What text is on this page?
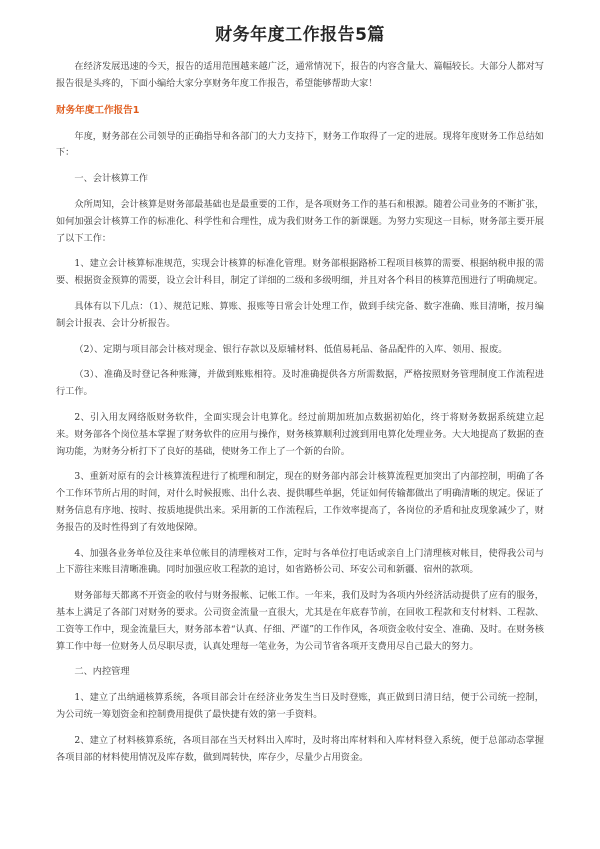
财务年度工作报告5篇

在经济发展迅速的今天，报告的适用范围越来越广泛，通常情况下，报告的内容含量大、篇幅较长。大部分人都对写报告很是头疼的，下面小编给大家分享财务年度工作报告，希望能够帮助大家！

财务年度工作报告1

年度，财务部在公司领导的正确指导和各部门的大力支持下，财务工作取得了一定的进展。现将年度财务工作总结如下：

一、会计核算工作

众所周知，会计核算是财务部最基础也是最重要的工作，是各项财务工作的基石和根源。随着公司业务的不断扩张，如何加强会计核算工作的标准化、科学性和合理性，成为我们财务工作的新课题。为努力实现这一目标，财务部主要开展了以下工作：

1、建立会计核算标准规范，实现会计核算的标准化管理。财务部根据路桥工程项目核算的需要、根据纳税申报的需要、根据资金预算的需要，设立会计科目，制定了详细的二级和多级明细，并且对各个科目的核算范围进行了明确规定。

具体有以下几点：（1）、规范记账、算账、报账等日常会计处理工作，做到手续完备、数字准确、账目清晰，按月编制会计报表、会计分析报告。

（2）、定期与项目部会计核对现金、银行存款以及原辅材料、低值易耗品、备品配件的入库、领用、报废。

（3）、准确及时登记各种账簿，并做到账账相符。及时准确提供各方所需数据，严格按照财务管理制度工作流程进行工作。

2、引入用友网络版财务软件，全面实现会计电算化。经过前期加班加点数据初始化，终于将财务数据系统建立起来。财务部各个岗位基本掌握了财务软件的应用与操作，财务核算顺利过渡到用电算化处理业务。大大地提高了数据的查询功能，为财务分析打下了良好的基础，使财务工作上了一个新的台阶。

3、重新对原有的会计核算流程进行了梳理和制定，现在的财务部内部会计核算流程更加突出了内部控制，明确了各个工作环节所占用的时间，对什么时候报账、出什么表、提供哪些单据，凭证如何传输都做出了明确清晰的规定。保证了财务信息有序地、按时、按质地提供出来。采用新的工作流程后，工作效率提高了，各岗位的矛盾和扯皮现象减少了，财务报告的及时性得到了有效地保障。

4、加强各业务单位及往来单位帐目的清理核对工作，定时与各单位打电话或亲自上门清理核对帐目，使得我公司与上下游往来账目清晰准确。同时加强应收工程款的追讨，如省路桥公司、环安公司和新疆、宿州的款项。

财务部每天都离不开资金的收付与财务报帐、记帐工作。一年来，我们及时为各项内外经济活动提供了应有的服务，基本上满足了各部门对财务的要求。公司资金流量一直很大，尤其是在年底春节前，在回收工程款和支付材料、工程款、工资等工作中，现金流量巨大，财务部本着“认真、仔细、严谨”的工作作风，各项资金收付安全、准确、及时。在财务核算工作中每一位财务人员尽职尽责，认真处理每一笔业务，为公司节省各项开支费用尽自己最大的努力。

二、内控管理

1、建立了出纳通核算系统，各项目部会计在经济业务发生当日及时登账，真正做到日清日结，便于公司统一控制，为公司统一筹划资金和控制费用提供了最快捷有效的第一手资料。

2、建立了材料核算系统，各项目部在当天材料出入库时，及时将出库材料和入库材料登入系统，便于总部动态掌握各项目部的材料使用情况及库存数，做到周转快，库存少，尽量少占用资金。
